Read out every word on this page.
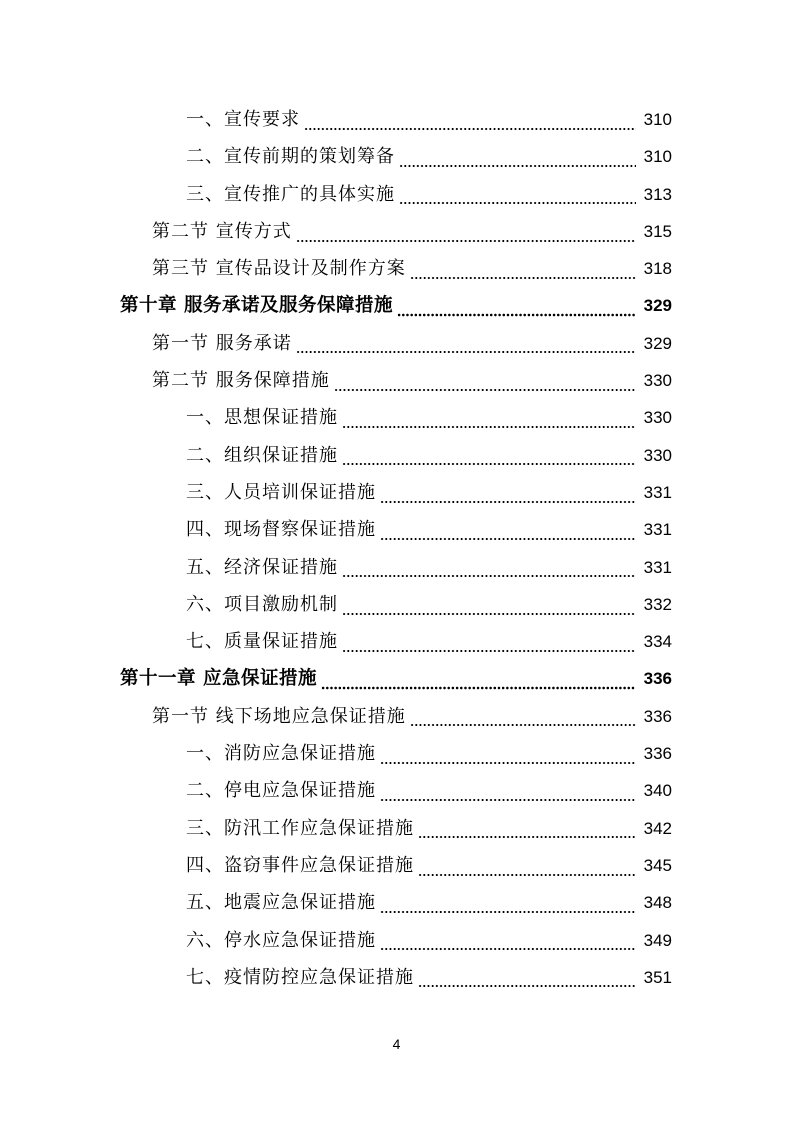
一、宣传要求	310
二、宣传前期的策划筹备	310
三、宣传推广的具体实施	313
第二节 宣传方式	315
第三节 宣传品设计及制作方案	318
第十章 服务承诺及服务保障措施	329
第一节 服务承诺	329
第二节 服务保障措施	330
一、思想保证措施	330
二、组织保证措施	330
三、人员培训保证措施	331
四、现场督察保证措施	331
五、经济保证措施	331
六、项目激励机制	332
七、质量保证措施	334
第十一章 应急保证措施	336
第一节 线下场地应急保证措施	336
一、消防应急保证措施	336
二、停电应急保证措施	340
三、防汛工作应急保证措施	342
四、盗窃事件应急保证措施	345
五、地震应急保证措施	348
六、停水应急保证措施	349
七、疫情防控应急保证措施	351
4
